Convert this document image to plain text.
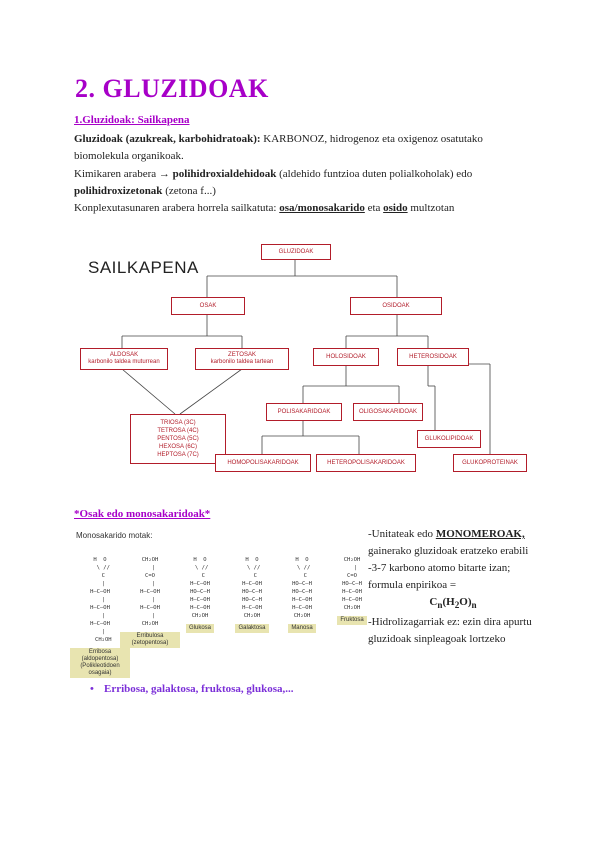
2. GLUZIDOAK
1.Gluzidoak: Sailkapena
Gluzidoak (azukreak, karbohidratoak): KARBONOZ, hidrogenoz eta oxigenoz osatutako biomolekula organikoak.
Kimikaren arabera → polihidroxialdehidoak (aldehido funtzioa duten polialkoholak) edo
polihidroxizetonak (zetona f...)
Konplexutasunaren arabera horrela sailkatuta: osa/monosakarido eta osido multzotan
SAILKAPENA
GLUZIDOAK
OSAK	OSIDOAK
ALDOSAK
karbonilo taldea muturrean
ZETOSAK
karbonilo taldea tartean
HOLOSIDOAK	HETEROSIDOAK
TRIOSA (3C)
TETROSA (4C)
PENTOSA (5C)
HEXOSA (6C)
HEPTOSA (7C)
POLISAKARIDOAK	OLIGOSAKARIDOAK
GLUKOLIPIDOAK
HOMOPOLISAKARIDOAK	HETEROPOLISAKARIDOAK	GLUKOPROTEINAK
*Osak edo monosakaridoak*
Monosakarido motak:
H  O
\ //
C
|
H–C–OH
|
H–C–OH
|
H–C–OH
|
CH₂OH
Erribosa (aldopentosa) (Polikleotidoen osagaia)
CH₂OH
|
C=O
|
H–C–OH
|
H–C–OH
|
CH₂OH
Erribulosa (zetopentosa)
H  O
\ //
C
H–C–OH
HO–C–H
H–C–OH
H–C–OH
CH₂OH
Glukosa
H  O
\ //
C
H–C–OH
HO–C–H
HO–C–H
H–C–OH
CH₂OH
Galaktosa
H  O
\ //
C
HO–C–H
HO–C–H
H–C–OH
H–C–OH
CH₂OH
Manosa
CH₂OH
|
C=O
HO–C–H
H–C–OH
H–C–OH
CH₂OH
Fruktosa
-Unitateak edo MONOMEROAK,
gainerako gluzidoak eratzeko erabili
-3-7 karbono atomo bitarte izan; formula enpirikoa =

$C_n(H_2O)_n$
-Hidrolizagarriak ez: ezin dira apurtu gluzidoak sinpleagoak lortzeko
• Erribosa, galaktosa, fruktosa, glukosa,...
